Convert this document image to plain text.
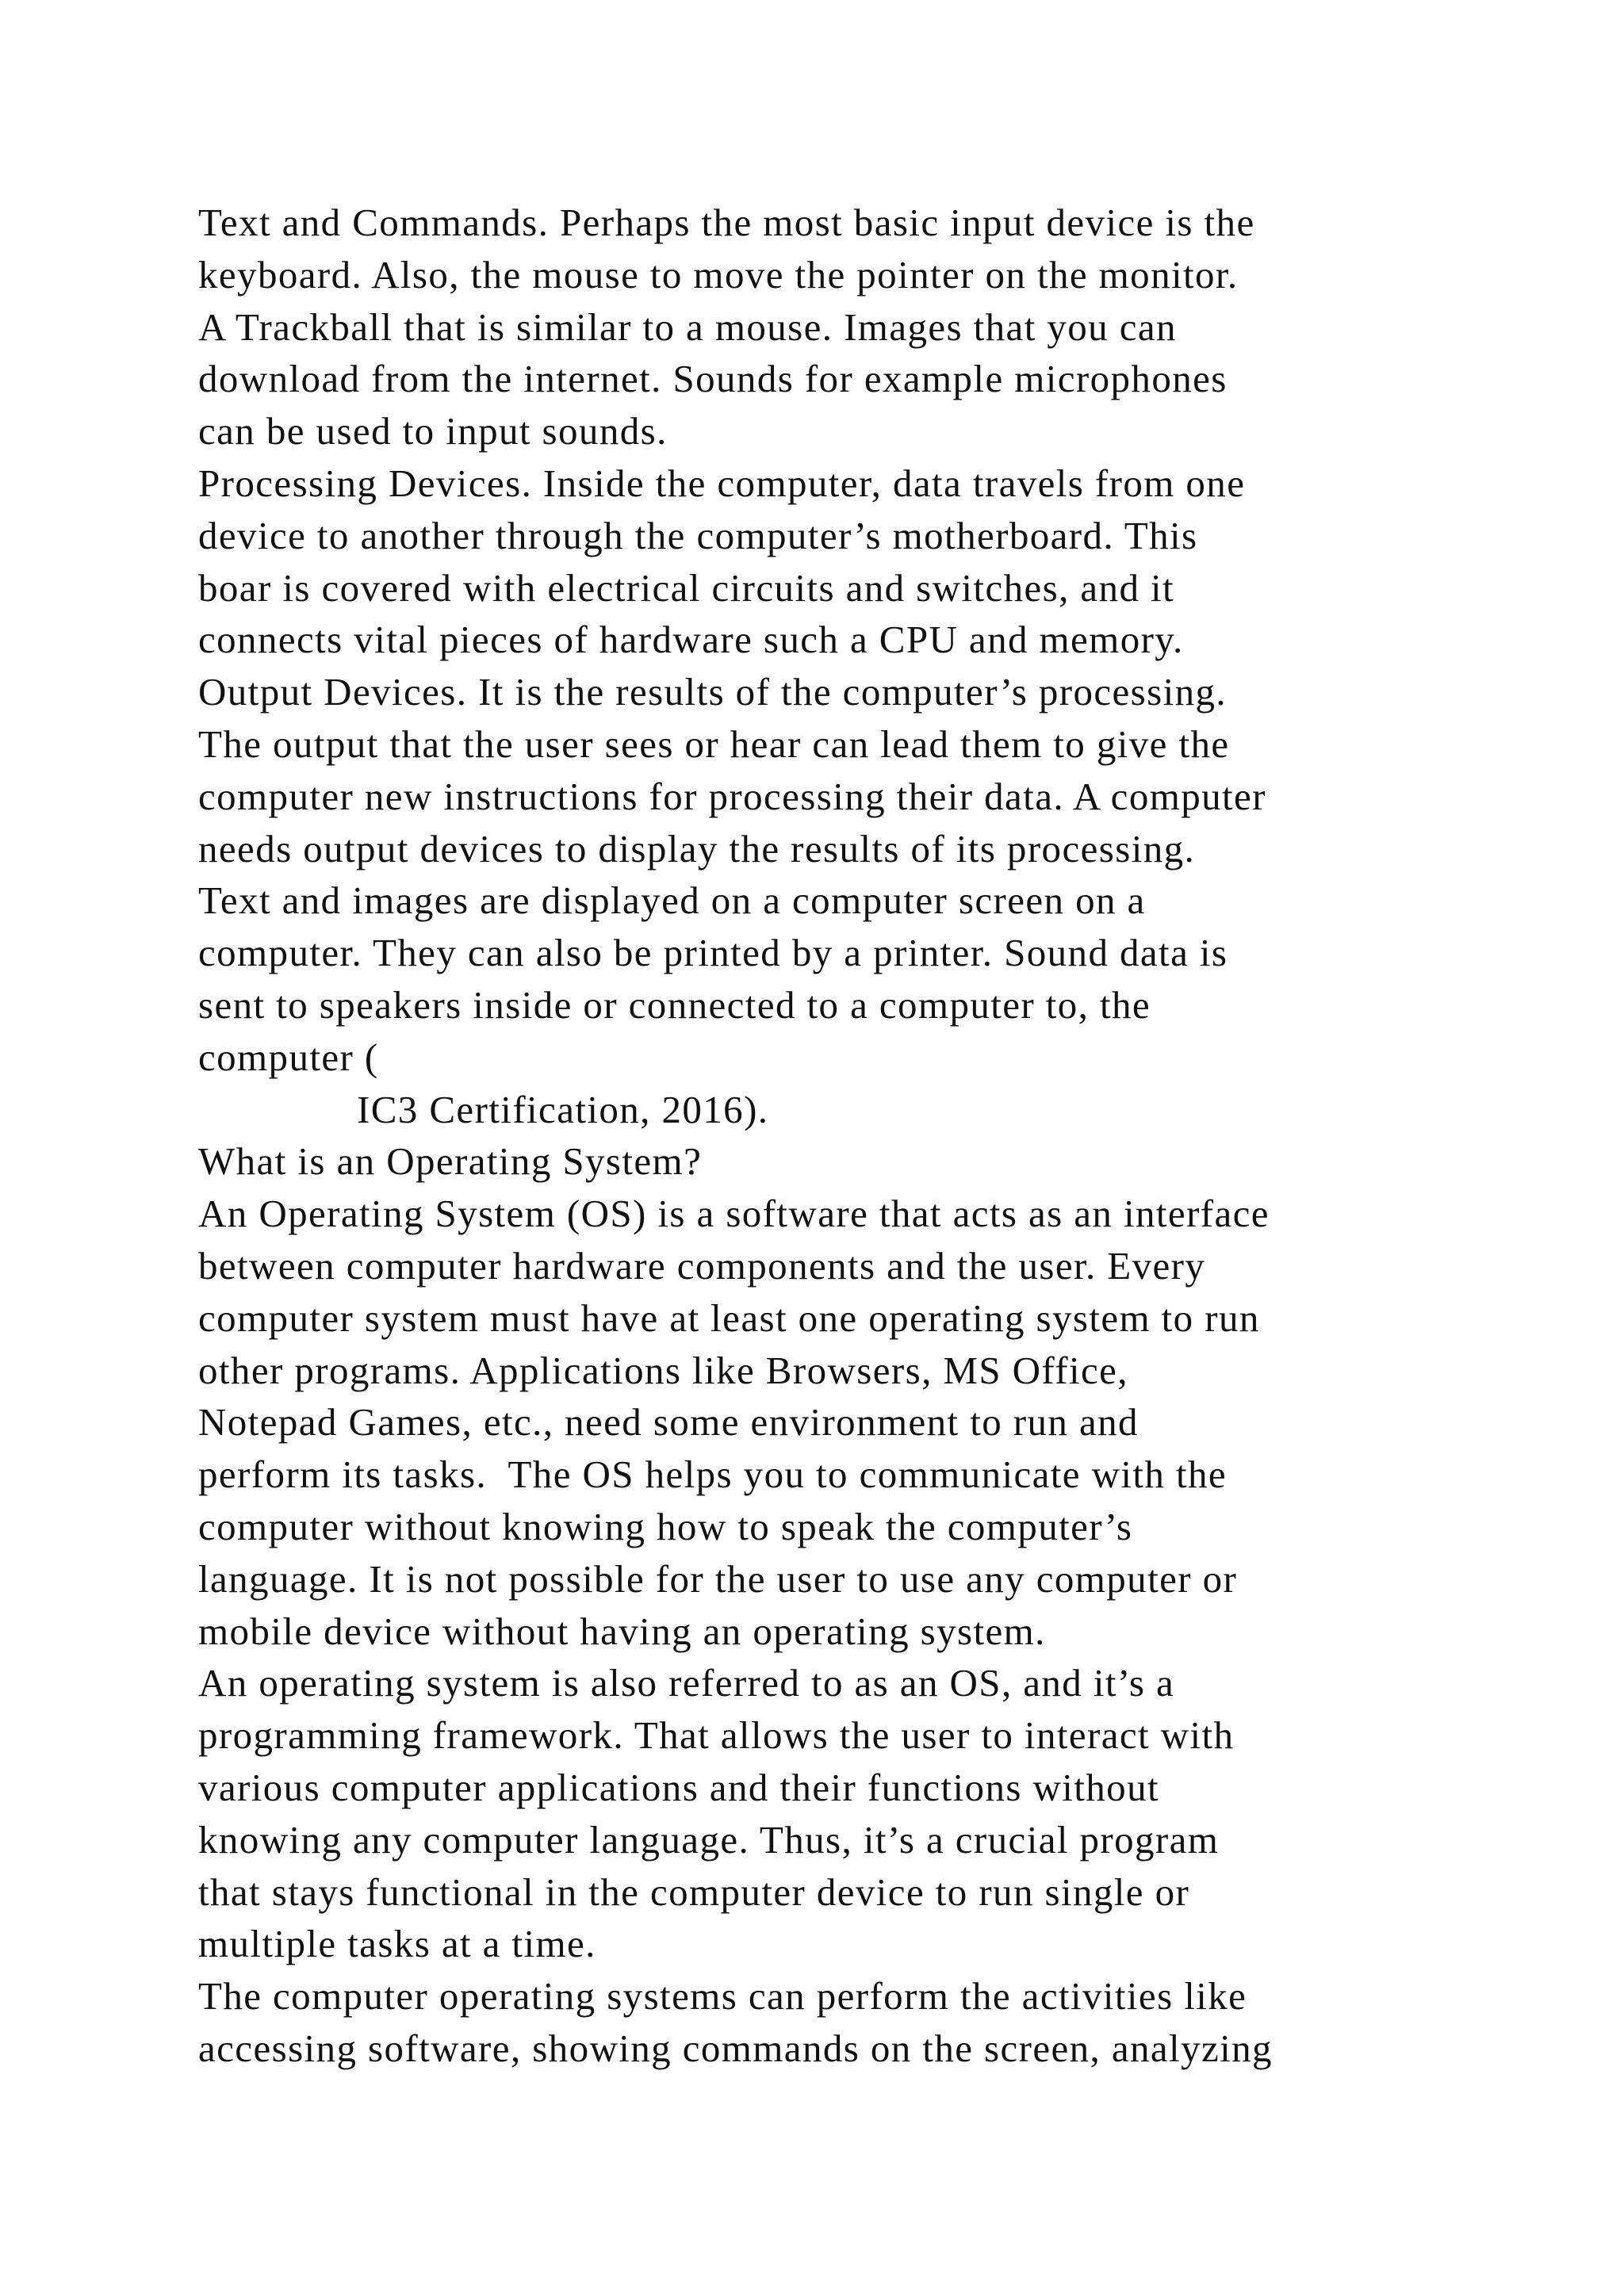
Text and Commands. Perhaps the most basic input device is the
keyboard. Also, the mouse to move the pointer on the monitor.
A Trackball that is similar to a mouse. Images that you can
download from the internet. Sounds for example microphones
can be used to input sounds.
Processing Devices. Inside the computer, data travels from one
device to another through the computer’s motherboard. This
boar is covered with electrical circuits and switches, and it
connects vital pieces of hardware such a CPU and memory.
Output Devices. It is the results of the computer’s processing.
The output that the user sees or hear can lead them to give the
computer new instructions for processing their data. A computer
needs output devices to display the results of its processing.
Text and images are displayed on a computer screen on a
computer. They can also be printed by a printer. Sound data is
sent to speakers inside or connected to a computer to, the
computer (
IC3 Certification, 2016).
What is an Operating System?
An Operating System (OS) is a software that acts as an interface
between computer hardware components and the user. Every
computer system must have at least one operating system to run
other programs. Applications like Browsers, MS Office,
Notepad Games, etc., need some environment to run and
perform its tasks.  The OS helps you to communicate with the
computer without knowing how to speak the computer’s
language. It is not possible for the user to use any computer or
mobile device without having an operating system.
An operating system is also referred to as an OS, and it’s a
programming framework. That allows the user to interact with
various computer applications and their functions without
knowing any computer language. Thus, it’s a crucial program
that stays functional in the computer device to run single or
multiple tasks at a time.
The computer operating systems can perform the activities like
accessing software, showing commands on the screen, analyzing
